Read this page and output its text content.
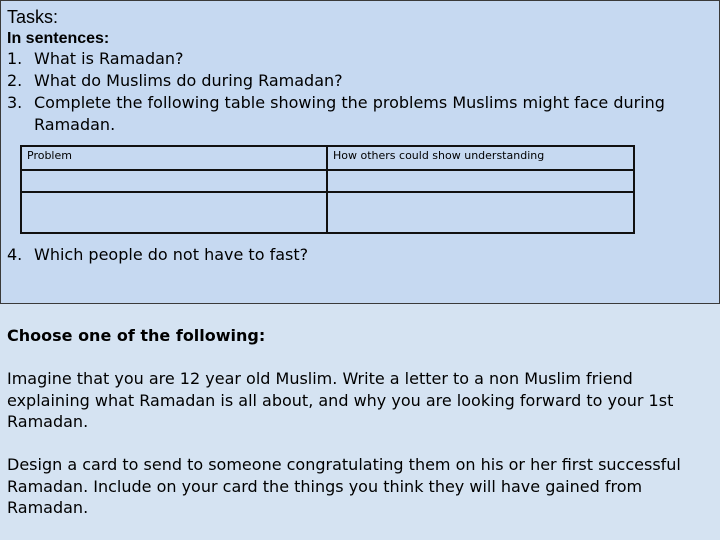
Tasks:
In sentences:
1. What is Ramadan?
2. What do Muslims do during Ramadan?
3. Complete the following table showing the problems Muslims might face during
Ramadan.
Problem	How others could show understanding

4. Which people do not have to fast?
Choose one of the following:
Imagine that you are 12 year old Muslim. Write a letter to a non Muslim friend explaining what Ramadan is all about, and why you are looking forward to your 1st Ramadan.
Design a card to send to someone congratulating them on his or her first successful Ramadan. Include on your card the things you think they will have gained from Ramadan.
